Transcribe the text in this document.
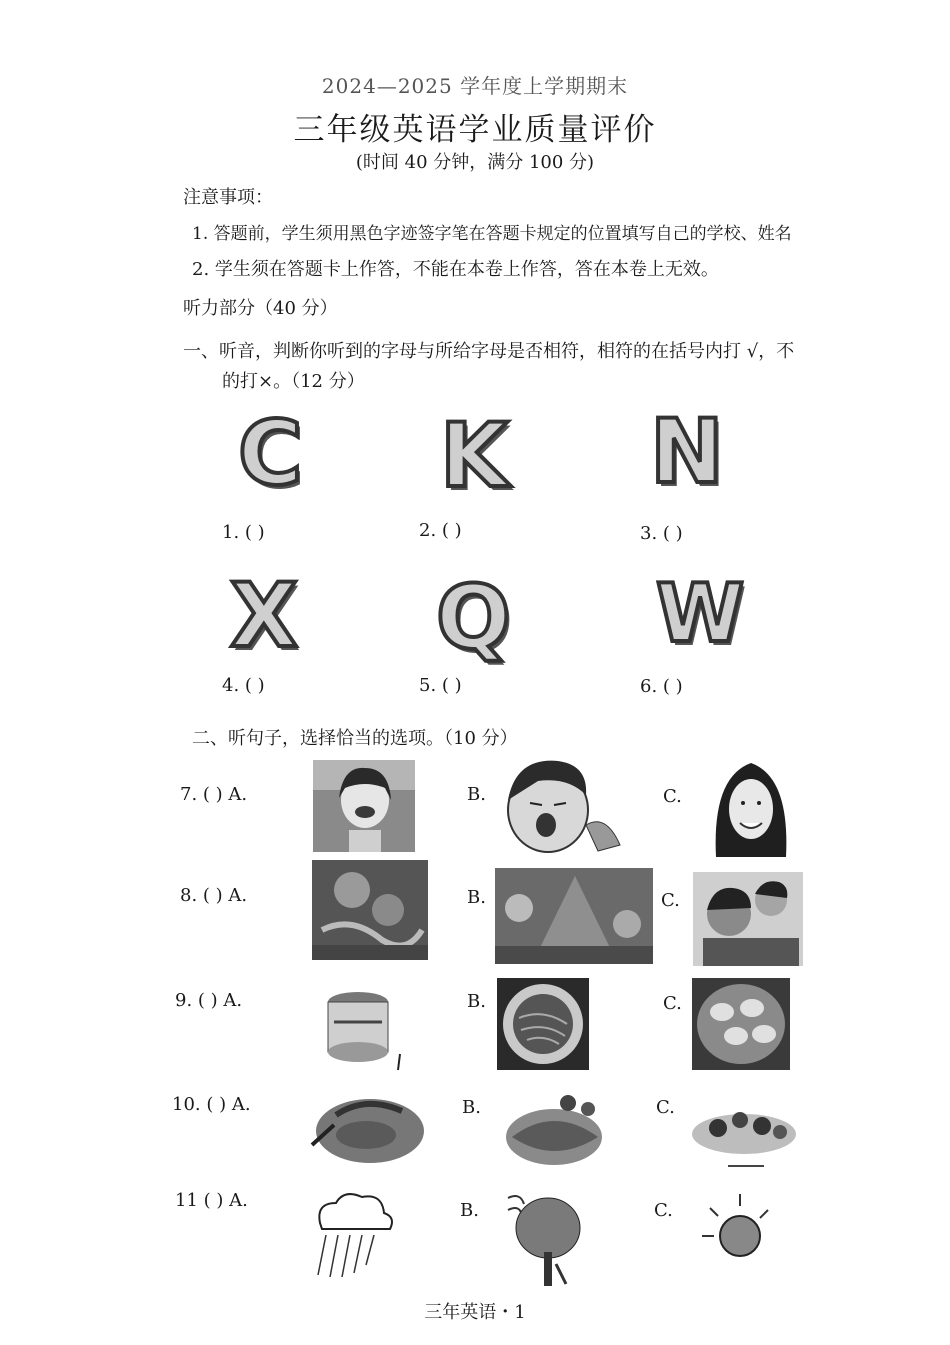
2024—2025 学年度上学期期末
三年级英语学业质量评价
(时间 40 分钟，满分 100 分)
注意事项：
1. 答题前，学生须用黑色字迹签字笔在答题卡规定的位置填写自己的学校、姓名
2. 学生须在答题卡上作答，不能在本卷上作答，答在本卷上无效。
听力部分（40 分）
一、听音，判断你听到的字母与所给字母是否相符，相符的在括号内打 √，不
的打×。（12 分）
C K N
1. ( )	2. ( )	3. ( )
X Q W
4. ( )	5. ( )	6. ( )
二、听句子，选择恰当的选项。（10 分）
7. ( ) A.	B.	C.
8. ( ) A.	B.	C.
9. ( ) A.	B.	C.
10. ( ) A.	B.	C.
11 ( ) A.	B.	C.
三年英语・1
